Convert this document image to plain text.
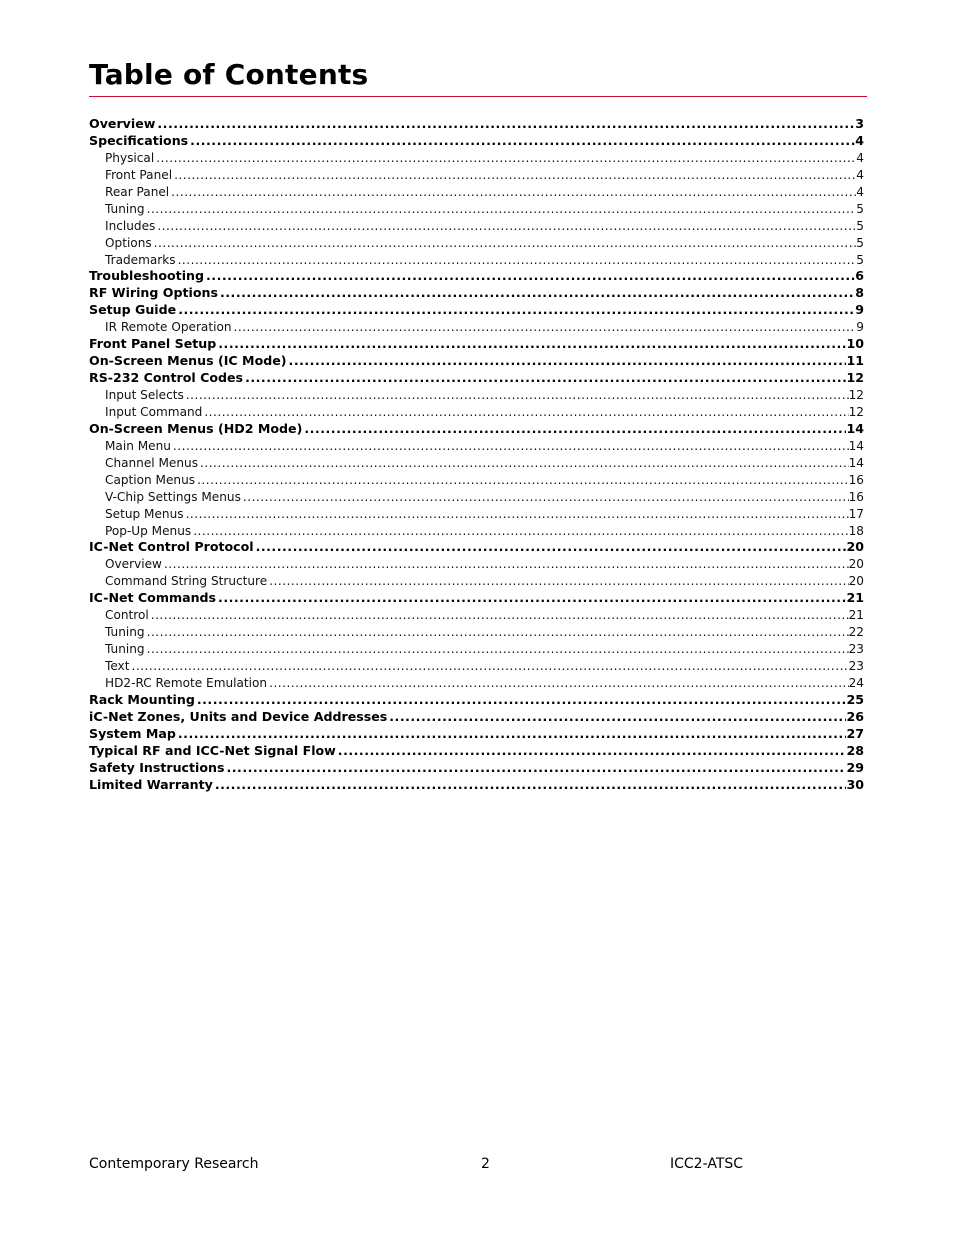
Table of Contents
Overview .....	3
Specifications .....	4
Physical .....	4
Front Panel .....	4
Rear Panel .....	4
Tuning .....	5
Includes .....	5
Options .....	5
Trademarks .....	5
Troubleshooting .....	6
RF Wiring Options .....	8
Setup Guide .....	9
IR Remote Operation .....	9
Front Panel Setup .....	10
On-Screen Menus (IC Mode) .....	11
RS-232 Control Codes .....	12
Input Selects .....	12
Input Command .....	12
On-Screen Menus (HD2 Mode) .....	14
Main Menu .....	14
Channel Menus .....	14
Caption Menus .....	16
V-Chip Settings Menus .....	16
Setup Menus .....	17
Pop-Up Menus .....	18
IC-Net Control Protocol .....	20
Overview .....	20
Command String Structure .....	20
IC-Net Commands .....	21
Control .....	21
Tuning .....	22
Tuning .....	23
Text .....	23
HD2-RC Remote Emulation .....	24
Rack Mounting .....	25
iC-Net Zones, Units and Device Addresses .....	26
System Map .....	27
Typical RF and ICC-Net Signal Flow .....	28
Safety Instructions .....	29
Limited Warranty .....	30
Contemporary Research	2	ICC2-ATSC
